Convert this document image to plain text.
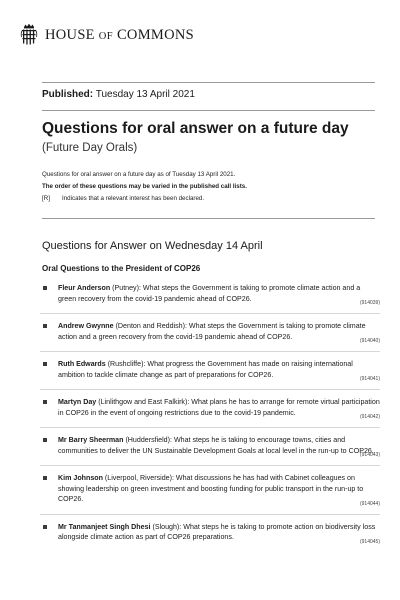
HOUSE OF COMMONS
Published: Tuesday 13 April 2021
Questions for oral answer on a future day
(Future Day Orals)
Questions for oral answer on a future day as of Tuesday 13 April 2021.
The order of these questions may be varied in the published call lists.
[R] Indicates that a relevant interest has been declared.
Questions for Answer on Wednesday 14 April
Oral Questions to the President of COP26
Fleur Anderson (Putney): What steps the Government is taking to promote climate action and a green recovery from the covid-19 pandemic ahead of COP26.
(914039)
Andrew Gwynne (Denton and Reddish): What steps the Government is taking to promote climate action and a green recovery from the covid-19 pandemic ahead of COP26.
(914040)
Ruth Edwards (Rushcliffe): What progress the Government has made on raising international ambition to tackle climate change as part of preparations for COP26.
(914041)
Martyn Day (Linlithgow and East Falkirk): What plans he has to arrange for remote virtual participation in COP26 in the event of ongoing restrictions due to the covid-19 pandemic.
(914042)
Mr Barry Sheerman (Huddersfield): What steps he is taking to encourage towns, cities and communities to deliver the UN Sustainable Development Goals at local level in the run-up to COP26.
(914043)
Kim Johnson (Liverpool, Riverside): What discussions he has had with Cabinet colleagues on showing leadership on green investment and boosting funding for public transport in the run-up to COP26.
(914044)
Mr Tanmanjeet Singh Dhesi (Slough): What steps he is taking to promote action on biodiversity loss alongside climate action as part of COP26 preparations.
(914045)
